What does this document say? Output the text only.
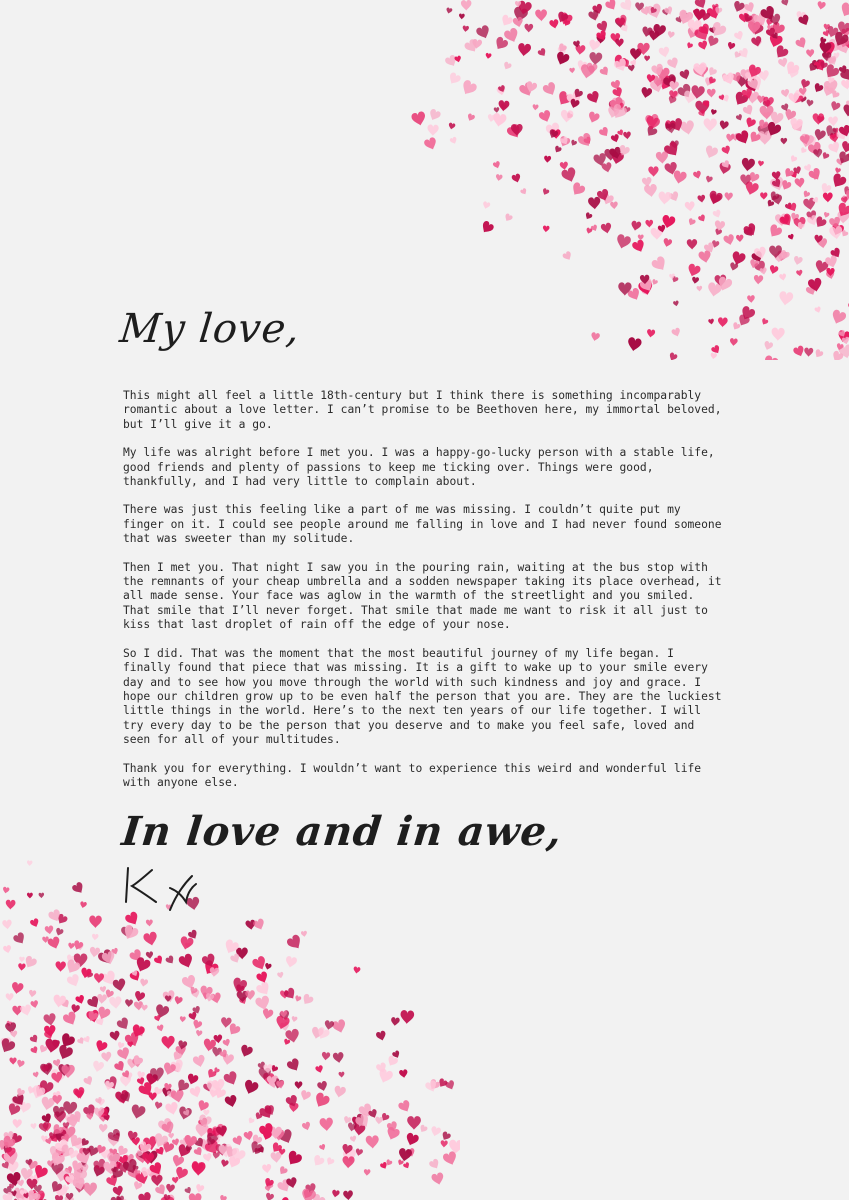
My love,

This might all feel a little 18th-century but I think there is something incomparably romantic about a love letter. I can’t promise to be Beethoven here, my immortal beloved, but I’ll give it a go.

My life was alright before I met you. I was a happy-go-lucky person with a stable life, good friends and plenty of passions to keep me ticking over. Things were good, thankfully, and I had very little to complain about.

There was just this feeling like a part of me was missing. I couldn’t quite put my finger on it. I could see people around me falling in love and I had never found someone that was sweeter than my solitude.

Then I met you. That night I saw you in the pouring rain, waiting at the bus stop with the remnants of your cheap umbrella and a sodden newspaper taking its place overhead, it all made sense. Your face was aglow in the warmth of the streetlight and you smiled. That smile that I’ll never forget. That smile that made me want to risk it all just to kiss that last droplet of rain off the edge of your nose.

So I did. That was the moment that the most beautiful journey of my life began. I finally found that piece that was missing. It is a gift to wake up to your smile every day and to see how you move through the world with such kindness and joy and grace. I hope our children grow up to be even half the person that you are. They are the luckiest little things in the world. Here’s to the next ten years of our life together. I will try every day to be the person that you deserve and to make you feel safe, loved and seen for all of your multitudes.

Thank you for everything. I wouldn’t want to experience this weird and wonderful life with anyone else.

In love and in awe,
